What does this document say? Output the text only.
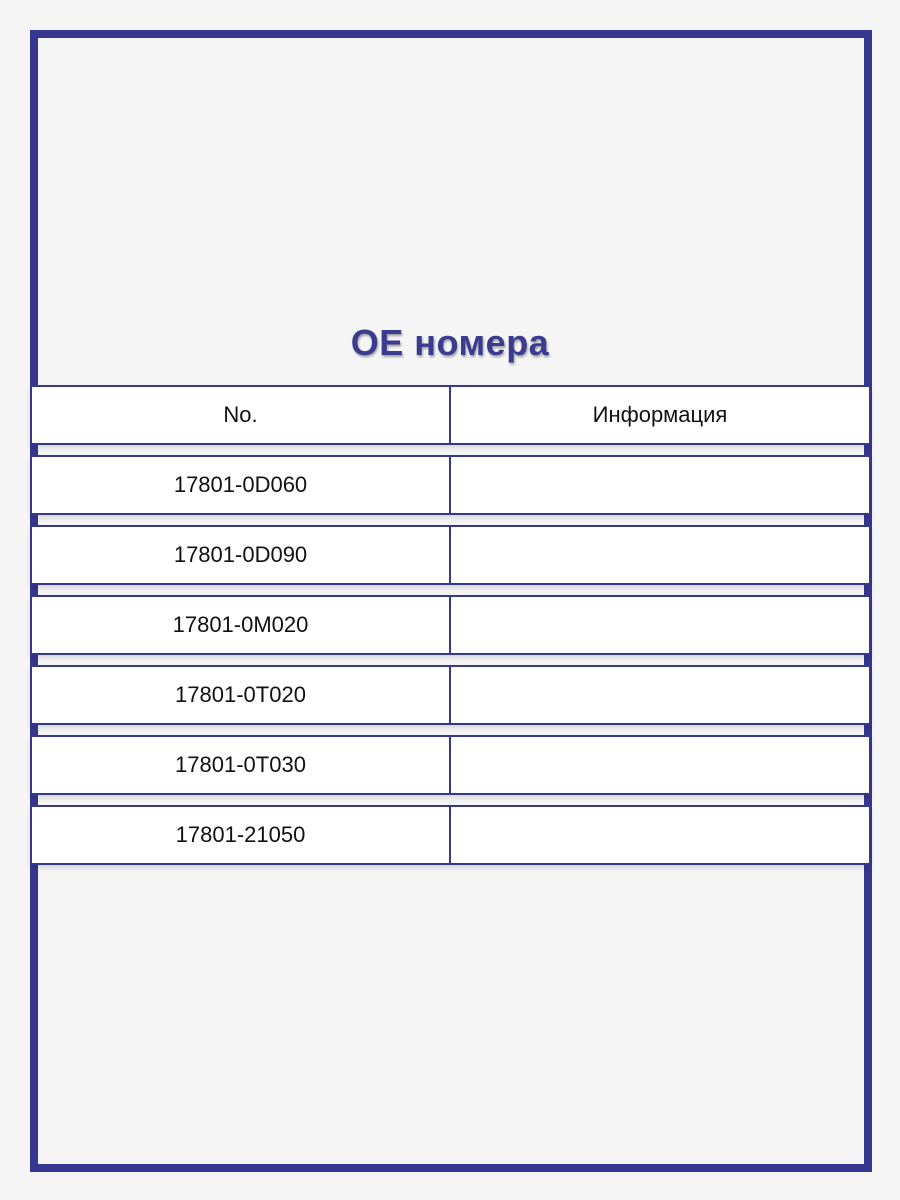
OE номера
No.	Информация
17801-0D060
17801-0D090
17801-0M020
17801-0T020
17801-0T030
17801-21050
